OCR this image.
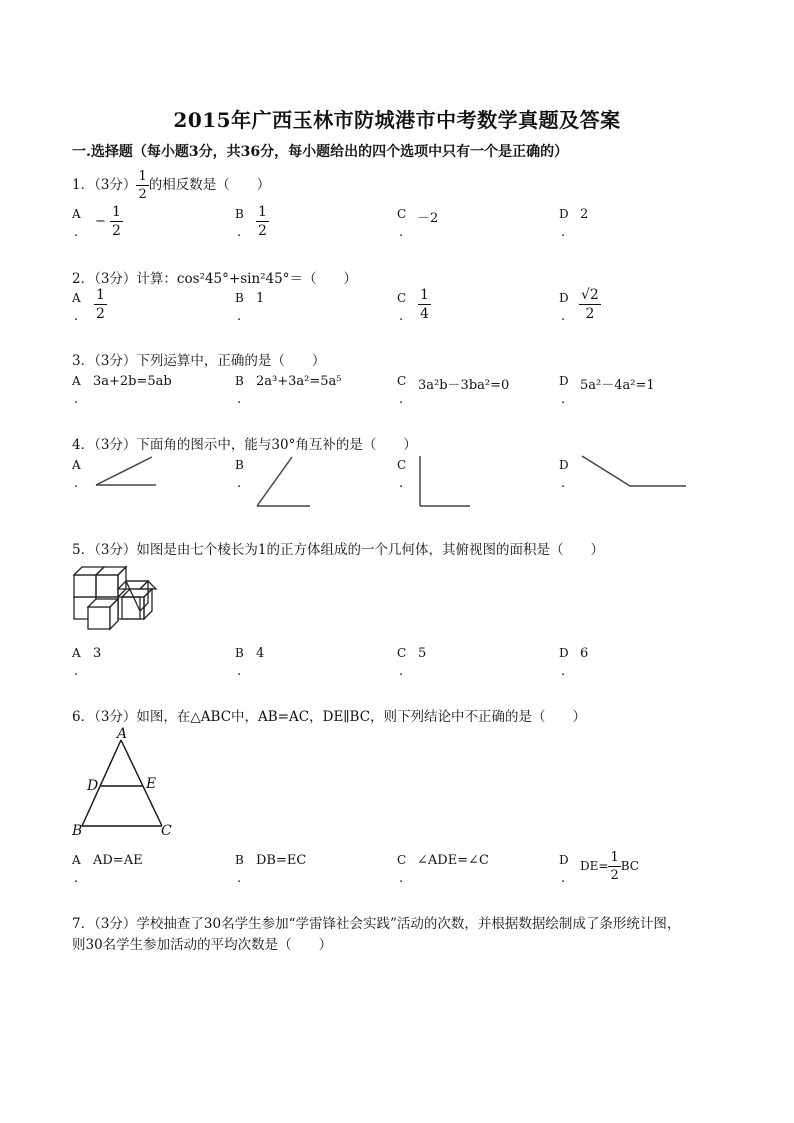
2015年广西玉林市防城港市中考数学真题及答案
一.选择题（每小题3分，共36分，每小题给出的四个选项中只有一个是正确的）
1．（3分） $\frac{1}{2}$ 的相反数是（　　）
A
.
− $\frac{1}{2}$	B
. $\frac{1}{2}$	C
.
－2	D
.
2
2．（3分）计算：cos²45°+sin²45°＝（　　）
A
. $\frac{1}{2}$	B
.
1	C
. $\frac{1}{4}$	D
. $\frac{√2}{2}$
3．（3分）下列运算中，正确的是（　　）
A
.
3a+2b=5ab	B
.
2a³+3a²=5a⁵	C
.
3a²b－3ba²=0	D
.
5a²－4a²=1
4．（3分）下面角的图示中，能与30°角互补的是（　　）
A
.
B
.
C
.
D
.
5．（3分）如图是由七个棱长为1的正方体组成的一个几何体，其俯视图的面积是（　　）
A
.
3	B
.
4	C
.
5	D
.
6
6．（3分）如图，在△ABC中，AB=AC，DE∥BC，则下列结论中不正确的是（　　）
A
D	E
B	C
A
.
AD=AE	B
.
DB=EC	C
.
∠ADE=∠C	D
.
$DE= \frac{1}{2}$ BC
7．（3分）学校抽查了30名学生参加“学雷锋社会实践”活动的次数，并根据数据绘制成了条形统计图，
则30名学生参加活动的平均次数是（　　）
